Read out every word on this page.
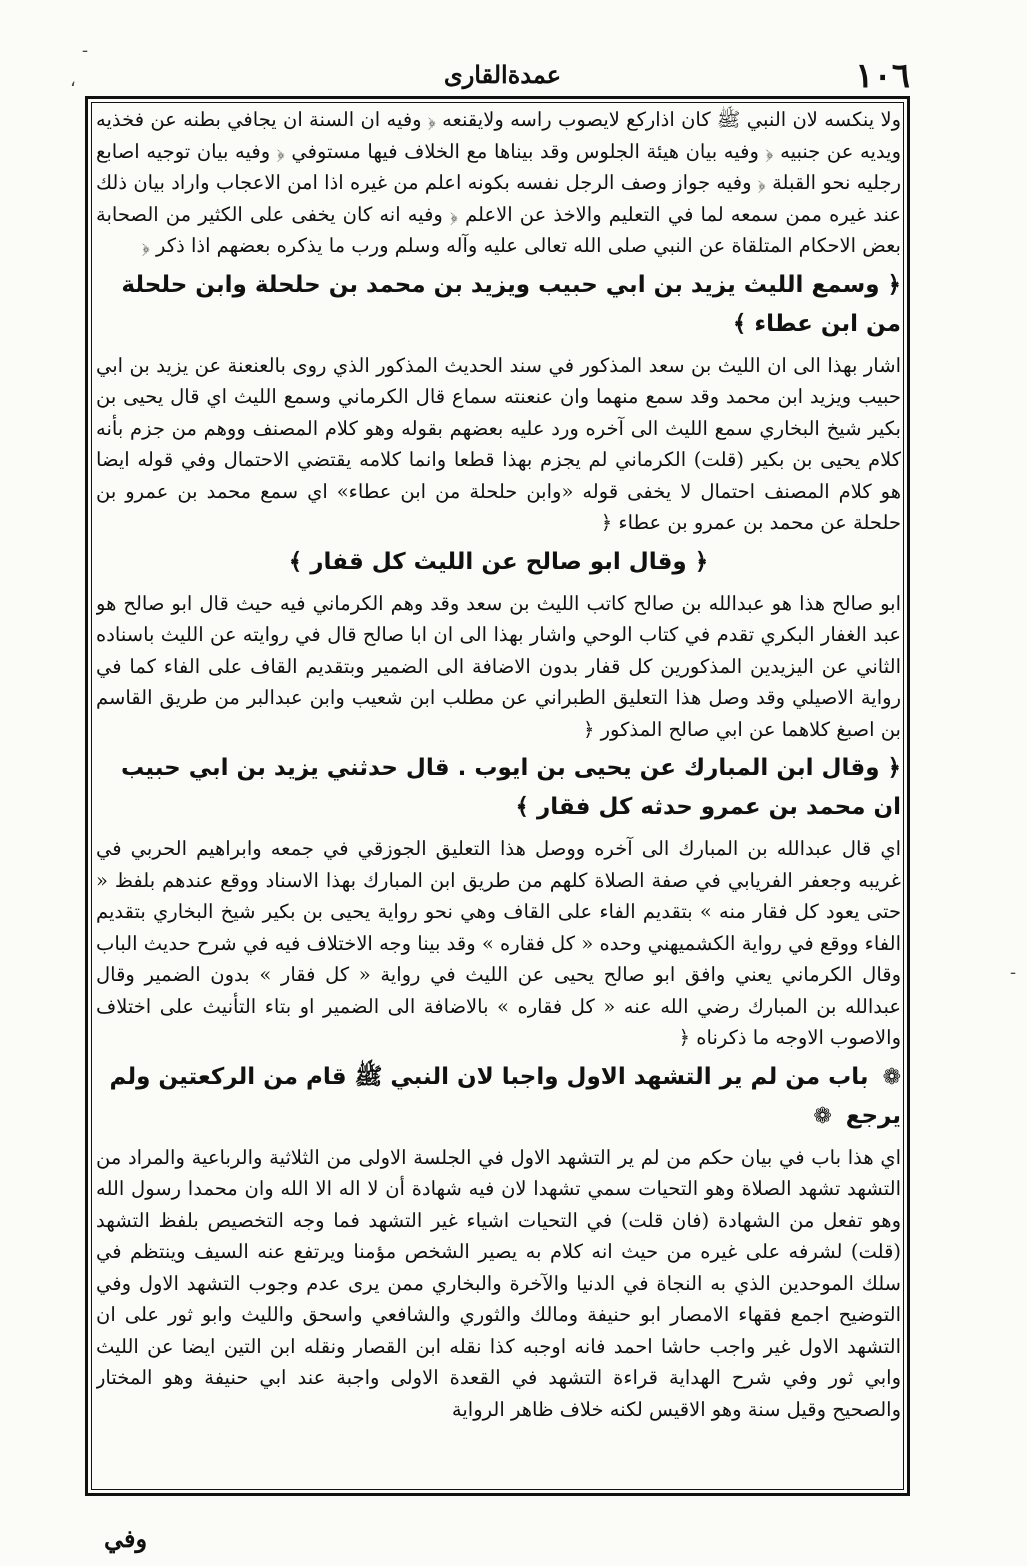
١٠٦
عمدةالقاری

ولا ينكسه لان النبي ﷺ كان اذاركع لايصوب راسه ولايقنعه ﴿ وفيه ان السنة ان يجافي بطنه عن فخذيه ويديه عن جنبيه ﴿ وفيه بيان هيئة الجلوس وقد بيناها مع الخلاف فيها مستوفي ﴿ وفيه بيان توجيه اصابع رجليه نحو القبلة ﴿ وفيه جواز وصف الرجل نفسه بكونه اعلم من غيره اذا امن الاعجاب واراد بيان ذلك عند غيره ممن سمعه لما في التعليم والاخذ عن الاعلم ﴿ وفيه انه كان يخفى على الكثير من الصحابة بعض الاحكام المتلقاة عن النبي صلى الله تعالى عليه وآله وسلم ورب ما يذكره بعضهم اذا ذكر ﴿

﴿ وسمع الليث يزيد بن ابي حبيب ويزيد بن محمد بن حلحلة وابن حلحلة من ابن عطاء ﴾

اشار بهذا الى ان الليث بن سعد المذكور في سند الحديث المذكور الذي روى بالعنعنة عن يزيد بن ابي حبيب ويزيد ابن محمد وقد سمع منهما وان عنعنته سماع قال الكرماني وسمع الليث اي قال يحيى بن بكير شيخ البخاري سمع الليث الى آخره ورد عليه بعضهم بقوله وهو كلام المصنف ووهم من جزم بأنه كلام يحيى بن بكير (قلت) الكرماني لم يجزم بهذا قطعا وانما كلامه يقتضي الاحتمال وفي قوله ايضا هو كلام المصنف احتمال لا يخفى قوله «وابن حلحلة من ابن عطاء» اي سمع محمد بن عمرو بن حلحلة عن محمد بن عمرو بن عطاء ﴿

﴿ وقال ابو صالح عن الليث كل قفار ﴾

ابو صالح هذا هو عبدالله بن صالح كاتب الليث بن سعد وقد وهم الكرماني فيه حيث قال ابو صالح هو عبد الغفار البكري تقدم في كتاب الوحي واشار بهذا الى ان ابا صالح قال في روايته عن الليث باسناده الثاني عن اليزيدين المذكورين كل قفار بدون الاضافة الى الضمير وبتقديم القاف على الفاء كما في رواية الاصيلي وقد وصل هذا التعليق الطبراني عن مطلب ابن شعيب وابن عبدالبر من طريق القاسم بن اصبغ كلاهما عن ابي صالح المذكور ﴿

﴿ وقال ابن المبارك عن يحيى بن ايوب . قال حدثني يزيد بن ابي حبيب ان محمد بن عمرو حدثه كل فقار ﴾

اي قال عبدالله بن المبارك الى آخره ووصل هذا التعليق الجوزقي في جمعه وابراهيم الحربي في غريبه وجعفر الفريابي في صفة الصلاة كلهم من طريق ابن المبارك بهذا الاسناد ووقع عندهم بلفظ « حتى يعود كل فقار منه » بتقديم الفاء على القاف وهي نحو رواية يحيى بن بكير شيخ البخاري بتقديم الفاء ووقع في رواية الكشميهني وحده « كل فقاره » وقد بينا وجه الاختلاف فيه في شرح حديث الباب وقال الكرماني يعني وافق ابو صالح يحيى عن الليث في رواية « كل فقار » بدون الضمير وقال عبدالله بن المبارك رضي الله عنه « كل فقاره » بالاضافة الى الضمير او بتاء التأنيث على اختلاف والاصوب الاوجه ما ذكرناه ﴿

❁ باب من لم ير التشهد الاول واجبا لان النبي ﷺ قام من الركعتين ولم يرجع ❁

اي هذا باب في بيان حكم من لم ير التشهد الاول في الجلسة الاولى من الثلاثية والرباعية والمراد من التشهد تشهد الصلاة وهو التحيات سمي تشهدا لان فيه شهادة أن لا اله الا الله وان محمدا رسول الله وهو تفعل من الشهادة (فان قلت) في التحيات اشياء غير التشهد فما وجه التخصيص بلفظ التشهد (قلت) لشرفه على غيره من حيث انه كلام به يصير الشخص مؤمنا ويرتفع عنه السيف وينتظم في سلك الموحدين الذي به النجاة في الدنيا والآخرة والبخاري ممن يرى عدم وجوب التشهد الاول وفي التوضيح اجمع فقهاء الامصار ابو حنيفة ومالك والثوري والشافعي واسحق والليث وابو ثور على ان التشهد الاول غير واجب حاشا احمد فانه اوجبه كذا نقله ابن القصار ونقله ابن التين ايضا عن الليث وابي ثور وفي شرح الهداية قراءة التشهد في القعدة الاولى واجبة عند ابي حنيفة وهو المختار والصحيح وقيل سنة وهو الاقيس لكنه خلاف ظاهر الرواية

وفي
-
،
-
